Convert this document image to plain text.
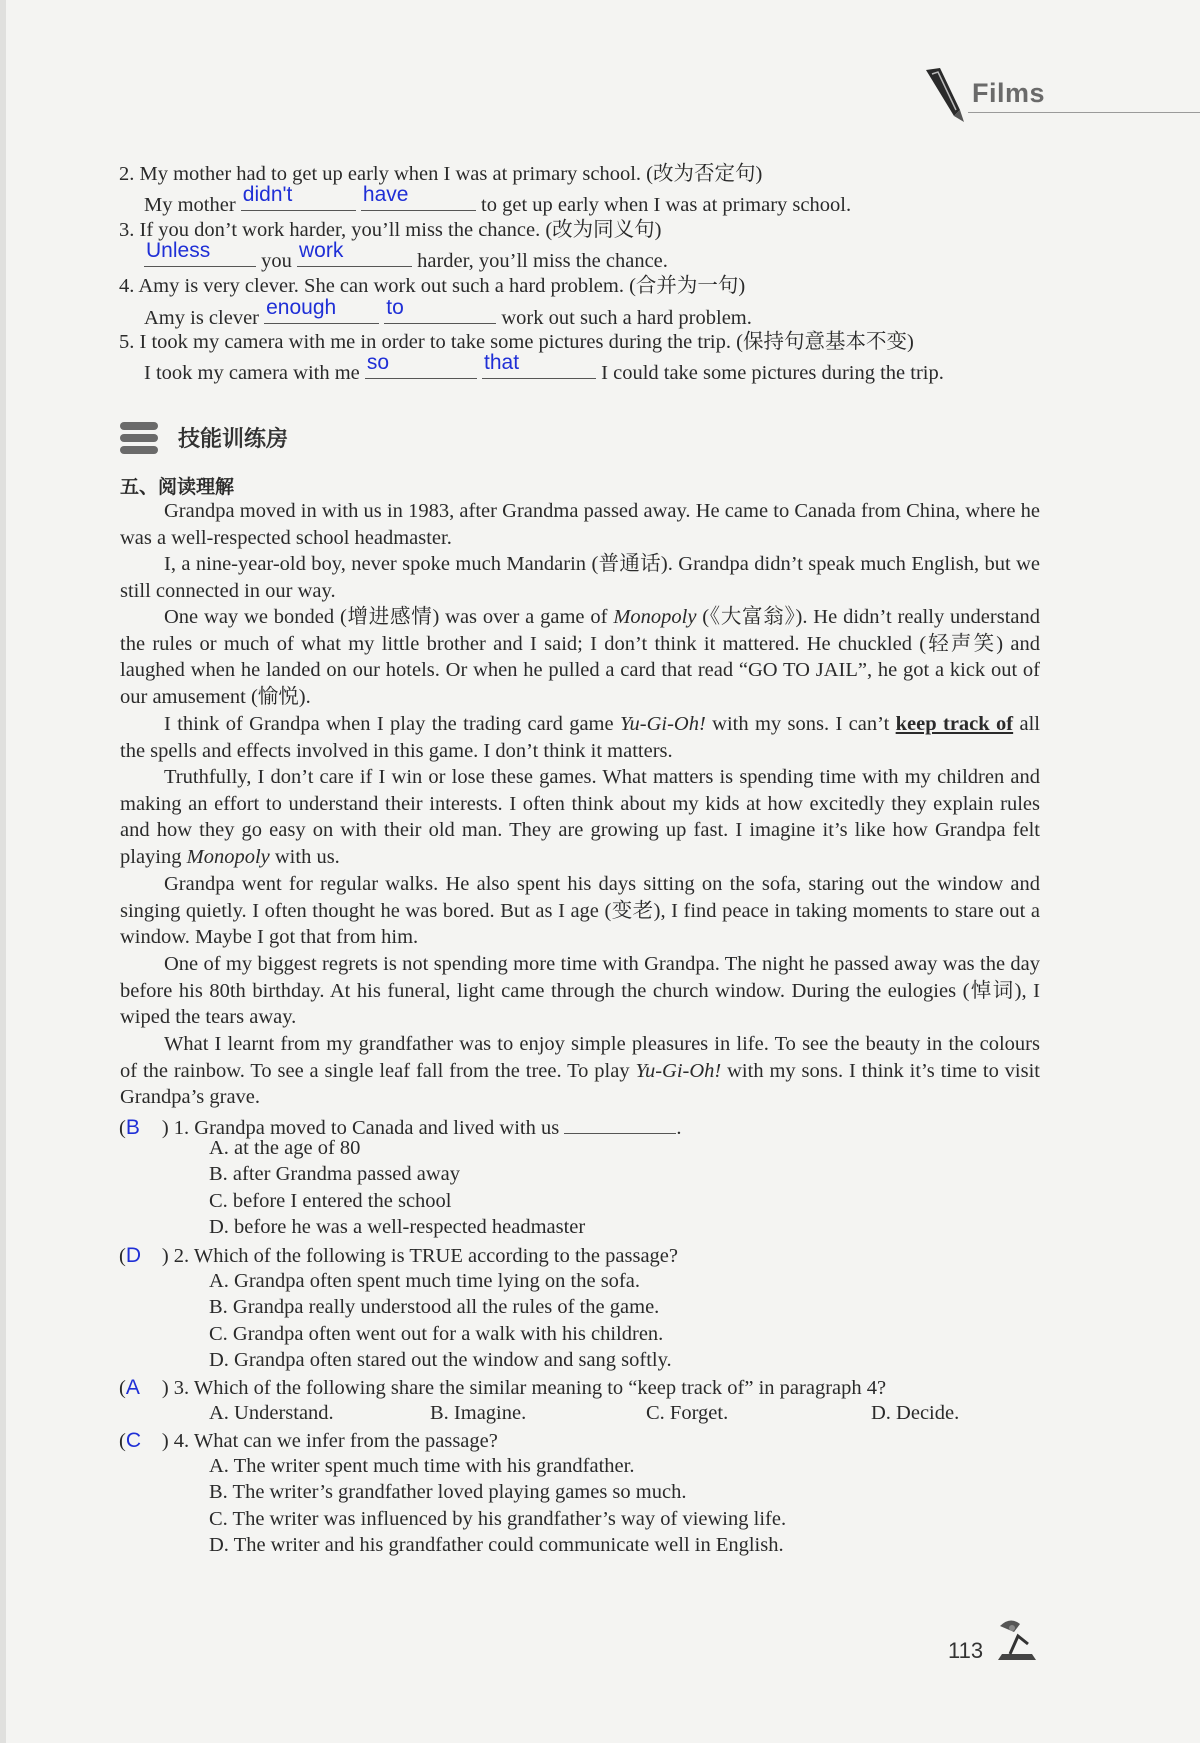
Films
2. My mother had to get up early when I was at primary school. (改为否定句)
My mother didn't
	have	to get up early when I was at primary school.
3. If you don’t work harder, you’ll miss the chance. (改为同义句)
Unless you work	harder, you’ll miss the chance.
4. Amy is very clever. She can work out such a hard problem. (合并为一句)
Amy is clever enough
to	work out such a hard problem.
5. I took my camera with me in order to take some pictures during the trip. (保持句意基本不变)
I took my camera with me so
	that	I could take some pictures during the trip.
技能训练房
五、阅读理解

Grandpa moved in with us in 1983, after Grandma passed away. He came to Canada from China, where he was a well-respected school headmaster.

I, a nine-year-old boy, never spoke much Mandarin (普通话). Grandpa didn’t speak much English, but we still connected in our way.

One way we bonded (增进感情) was over a game of Monopoly (《大富翁》). He didn’t really understand the rules or much of what my little brother and I said; I don’t think it mattered. He chuckled (轻声笑) and laughed when he landed on our hotels. Or when he pulled a card that read “GO TO JAIL”, he got a kick out of our amusement (愉悦).

I think of Grandpa when I play the trading card game Yu-Gi-Oh! with my sons. I can’t keep track of all the spells and effects involved in this game. I don’t think it matters.

Truthfully, I don’t care if I win or lose these games. What matters is spending time with my children and making an effort to understand their interests. I often think about my kids at how excitedly they explain rules and how they go easy on with their old man. They are growing up fast. I imagine it’s like how Grandpa felt playing Monopoly with us.

Grandpa went for regular walks. He also spent his days sitting on the sofa, staring out the window and singing quietly. I often thought he was bored. But as I age (变老), I find peace in taking moments to stare out a window. Maybe I got that from him.

One of my biggest regrets is not spending more time with Grandpa. The night he passed away was the day before his 80th birthday. At his funeral, light came through the church window. During the eulogies (悼词), I wiped the tears away.

What I learnt from my grandfather was to enjoy simple pleasures in life. To see the beauty in the colours of the rainbow. To see a single leaf fall from the tree. To play Yu-Gi-Oh! with my sons. I think it’s time to visit Grandpa’s grave.

(B ) 1. Grandpa moved to Canada and lived with us	.
A. at the age of 80
B. after Grandma passed away
C. before I entered the school
D. before he was a well-respected headmaster
(D ) 2. Which of the following is TRUE according to the passage?
A. Grandpa often spent much time lying on the sofa.
B. Grandpa really understood all the rules of the game.
C. Grandpa often went out for a walk with his children.
D. Grandpa often stared out the window and sang softly.
(A ) 3. Which of the following share the similar meaning to “keep track of” in paragraph 4?
A. Understand.	B. Imagine.	C. Forget.	D. Decide.
(C ) 4. What can we infer from the passage?
A. The writer spent much time with his grandfather.
B. The writer’s grandfather loved playing games so much.
C. The writer was influenced by his grandfather’s way of viewing life.
D. The writer and his grandfather could communicate well in English.
113
